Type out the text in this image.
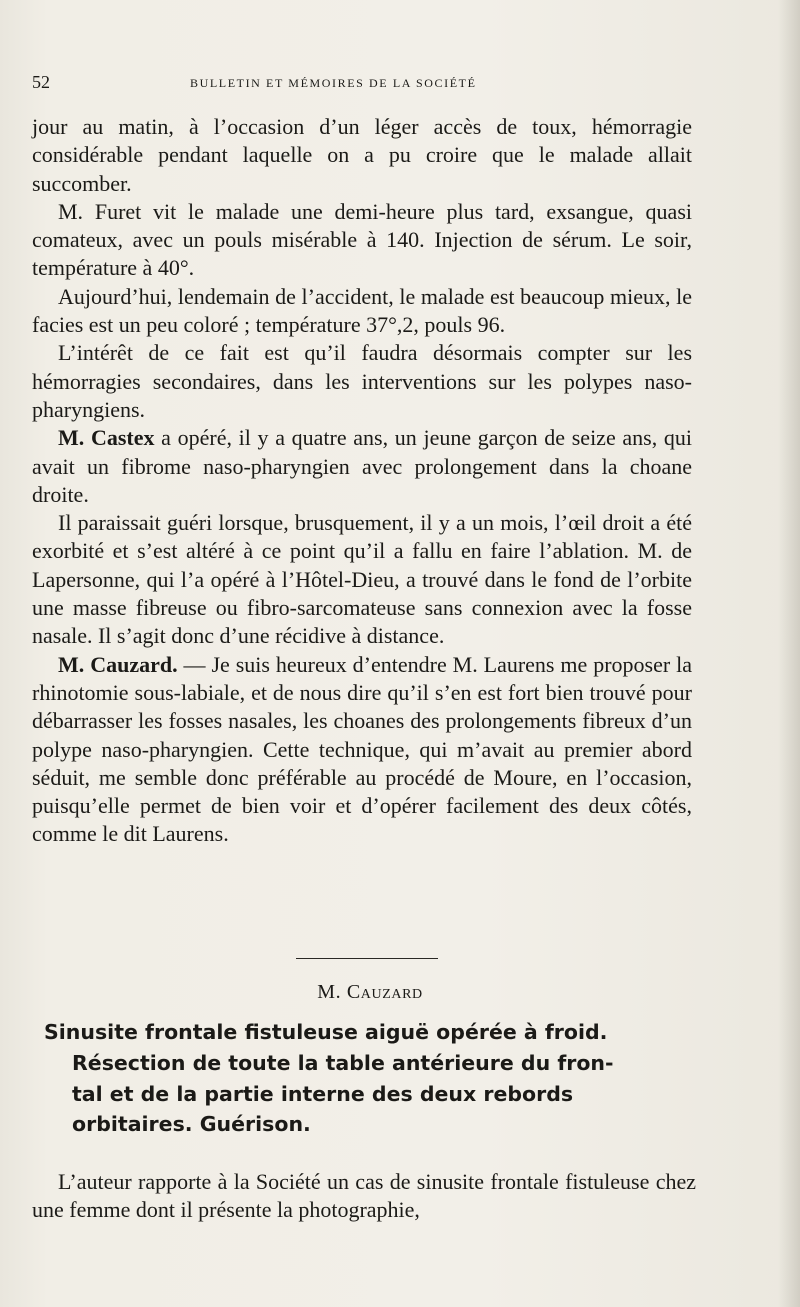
52	BULLETIN ET MÉMOIRES DE LA SOCIÉTÉ

jour au matin, à l’occasion d’un léger accès de toux, hémorragie considérable pendant laquelle on a pu croire que le malade allait succomber.

M. Furet vit le malade une demi-heure plus tard, exsangue, quasi comateux, avec un pouls misérable à 140. Injection de sérum. Le soir, température à 40°.

Aujourd’hui, lendemain de l’accident, le malade est beaucoup mieux, le facies est un peu coloré ; température 37°,2, pouls 96.

L’intérêt de ce fait est qu’il faudra désormais compter sur les hémorragies secondaires, dans les interventions sur les polypes naso-pharyngiens.

M. Castex a opéré, il y a quatre ans, un jeune garçon de seize ans, qui avait un fibrome naso-pharyngien avec prolongement dans la choane droite.

Il paraissait guéri lorsque, brusquement, il y a un mois, l’œil droit a été exorbité et s’est altéré à ce point qu’il a fallu en faire l’ablation. M. de Lapersonne, qui l’a opéré à l’Hôtel-Dieu, a trouvé dans le fond de l’orbite une masse fibreuse ou fibro-sarcomateuse sans connexion avec la fosse nasale. Il s’agit donc d’une récidive à distance.

M. Cauzard. — Je suis heureux d’entendre M. Laurens me proposer la rhinotomie sous-labiale, et de nous dire qu’il s’en est fort bien trouvé pour débarrasser les fosses nasales, les choanes des prolongements fibreux d’un polype naso-pharyngien. Cette technique, qui m’avait au premier abord séduit, me semble donc préférable au procédé de Moure, en l’occasion, puisqu’elle permet de bien voir et d’opérer facilement des deux côtés, comme le dit Laurens.

M. Cauzard
Sinusite frontale fistuleuse aiguë opérée à froid.
Résection de toute la table antérieure du fron-
tal et de la partie interne des deux rebords
orbitaires. Guérison.

L’auteur rapporte à la Société un cas de sinusite frontale fistuleuse chez une femme dont il présente la photographie,
